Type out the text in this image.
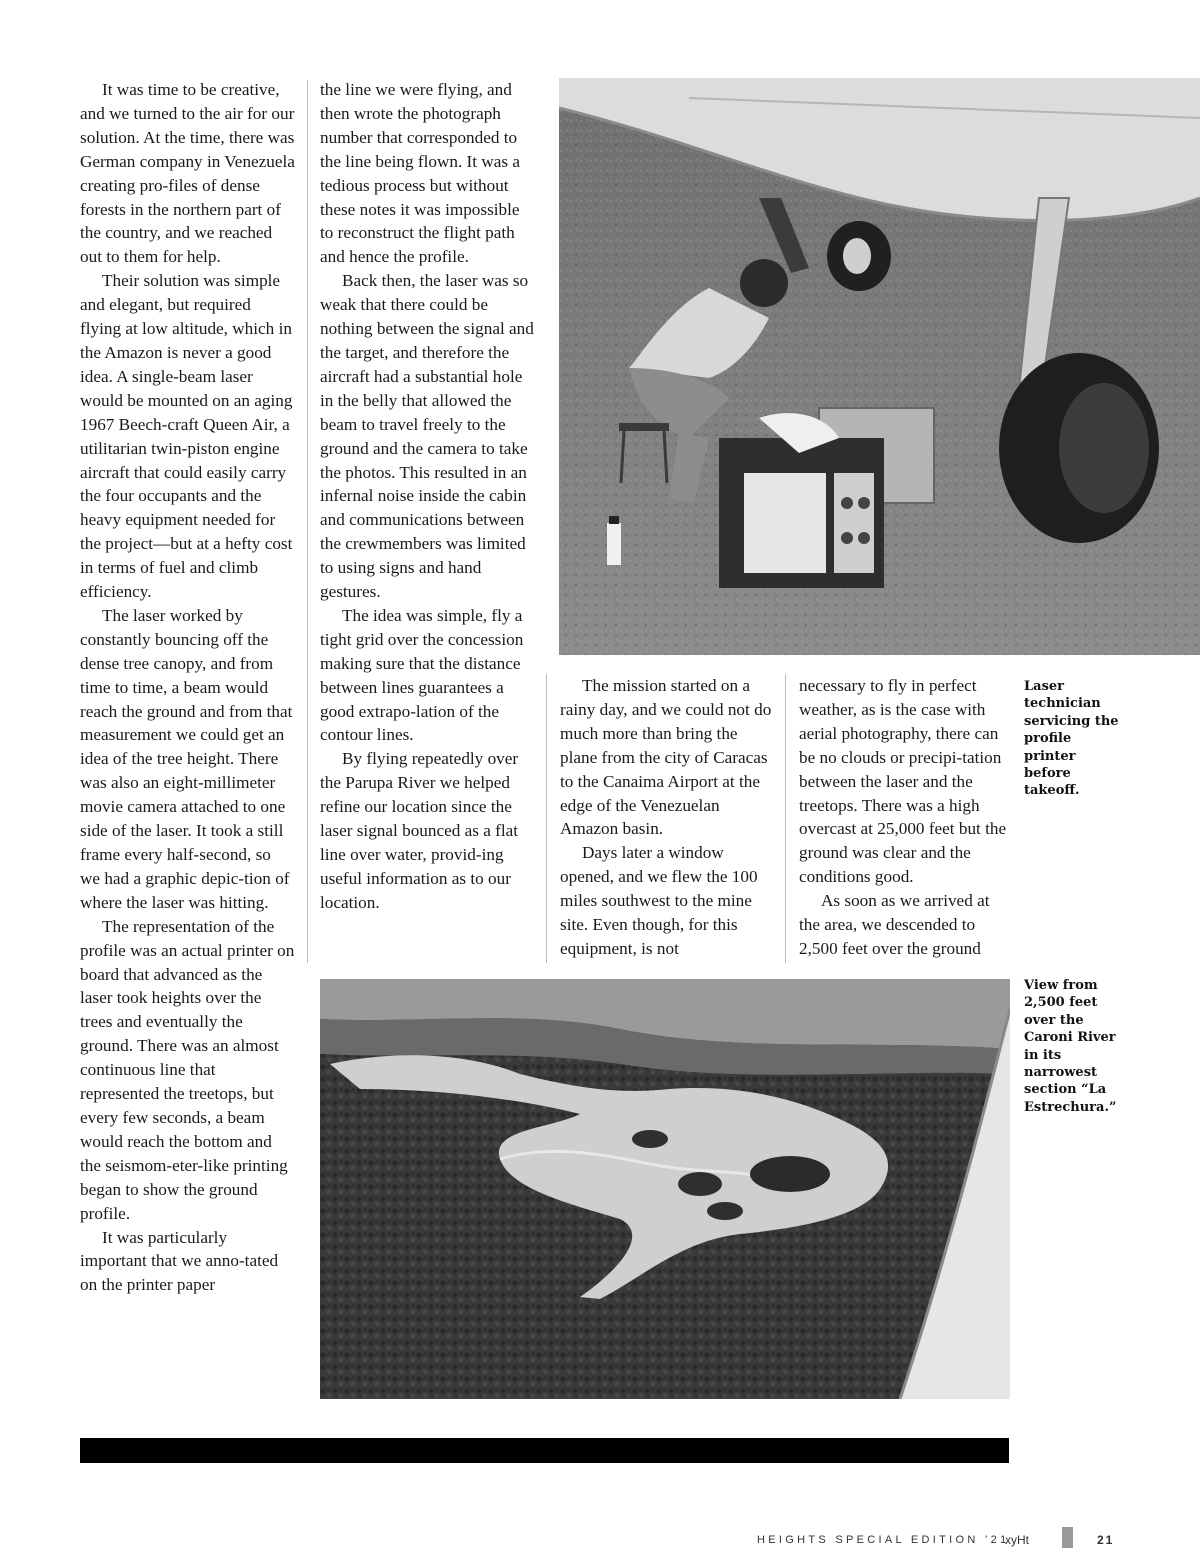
It was time to be creative, and we turned to the air for our solution. At the time, there was German company in Venezuela creating pro-files of dense forests in the northern part of the country, and we reached out to them for help.

Their solution was simple and elegant, but required flying at low altitude, which in the Amazon is never a good idea. A single-beam laser would be mounted on an aging 1967 Beech-craft Queen Air, a utilitarian twin-piston engine aircraft that could easily carry the four occupants and the heavy equipment needed for the project—but at a hefty cost in terms of fuel and climb efficiency.

The laser worked by constantly bouncing off the dense tree canopy, and from time to time, a beam would reach the ground and from that measurement we could get an idea of the tree height. There was also an eight-millimeter movie camera attached to one side of the laser. It took a still frame every half-second, so we had a graphic depic-tion of where the laser was hitting.

The representation of the profile was an actual printer on board that advanced as the laser took heights over the trees and eventually the ground. There was an almost continuous line that represented the treetops, but every few seconds, a beam would reach the bottom and the seismom-eter-like printing began to show the ground profile.

It was particularly important that we anno-tated on the printer paper

the line we were flying, and then wrote the photograph number that corresponded to the line being flown. It was a tedious process but without these notes it was impossible to reconstruct the flight path and hence the profile.

Back then, the laser was so weak that there could be nothing between the signal and the target, and therefore the aircraft had a substantial hole in the belly that allowed the beam to travel freely to the ground and the camera to take the photos. This resulted in an infernal noise inside the cabin and communications between the crewmembers was limited to using signs and hand gestures.

The idea was simple, fly a tight grid over the concession making sure that the distance between lines guarantees a good extrapo-lation of the contour lines.

By flying repeatedly over the Parupa River we helped refine our location since the laser signal bounced as a flat line over water, provid-ing useful information as to our location.

The mission started on a rainy day, and we could not do much more than bring the plane from the city of Caracas to the Canaima Airport at the edge of the Venezuelan Amazon basin.

Days later a window opened, and we flew the 100 miles southwest to the mine site. Even though, for this equipment, is not

necessary to fly in perfect weather, as is the case with aerial photography, there can be no clouds or precipi-tation between the laser and the treetops. There was a high overcast at 25,000 feet but the ground was clear and the conditions good.

As soon as we arrived at the area, we descended to 2,500 feet over the ground

Laser technician servicing the profile printer before takeoff.

View from 2,500 feet over the Caroni River in its narrowest section “La Estrechura.”

HEIGHTS SPECIAL EDITION ’21
xyHt	21
